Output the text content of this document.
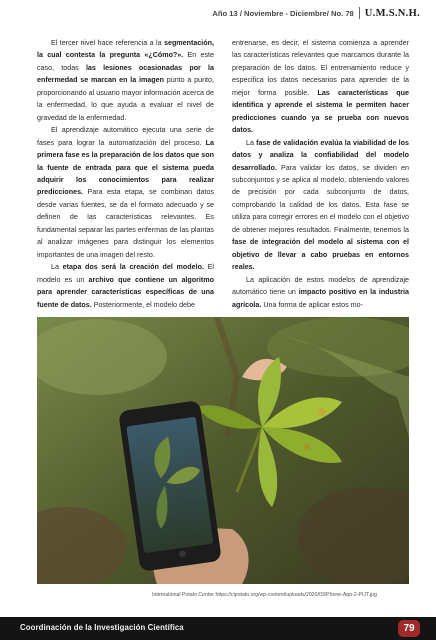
Año 13 / Noviembre - Diciembre/ No. 78 U.M.S.N.H.

El tercer nivel hace referencia a la segmentación, la cual contesta la pregunta «¿Cómo?». En este caso, todas las lesiones ocasionadas por la enfermedad se marcan en la imagen punto a punto, proporcionando al usuario mayor información acerca de la enfermedad, lo que ayuda a evaluar el nivel de gravedad de la enfermedad.

El aprendizaje automático ejecuta una serie de fases para lograr la automatización del proceso. La primera fase es la preparación de los datos que son la fuente de entrada para que el sistema pueda adquirir los conocimientos para realizar predicciones. Para esta etapa, se combinan datos desde varias fuentes, se da el formato adecuado y se definen de las características relevantes. Es fundamental separar las partes enfermas de las plantas al analizar imágenes para distinguir los elementos importantes de una imagen del resto.

La etapa dos será la creación del modelo. El modelo es un archivo que contiene un algoritmo para aprender características específicas de una fuente de datos. Posteriormente, el modelo debe

entrenarse, es decir, el sistema comienza a aprender las características relevantes que marcamos durante la preparación de los datos. El entrenamiento reduce y especifica los datos necesarios para aprender de la mejor forma posible. Las características que identifica y aprende el sistema le permiten hacer predicciones cuando ya se prueba con nuevos datos.

La fase de validación evalúa la viabilidad de los datos y analiza la confiabilidad del modelo desarrollado. Para validar los datos, se dividen en subconjuntos y se aplica al modelo, obteniendo valores de precisión por cada subconjunto de datos, comprobando la calidad de los datos. Esta fase se utiliza para corregir errores en el modelo con el objetivo de obtener mejores resultados. Finalmente, tenemos la fase de integración del modelo al sistema con el objetivo de llevar a cabo pruebas en entornos reales.

La aplicación de estos modelos de aprendizaje automático tiene un impacto positivo en la industria agrícola. Una forma de aplicar estos mo-

International Potato Center https://cipotato.org/wp-content/uploads/2020/03/Phone-App-2-PIJT.jpg
Coordinación de la Investigación Científica	79
